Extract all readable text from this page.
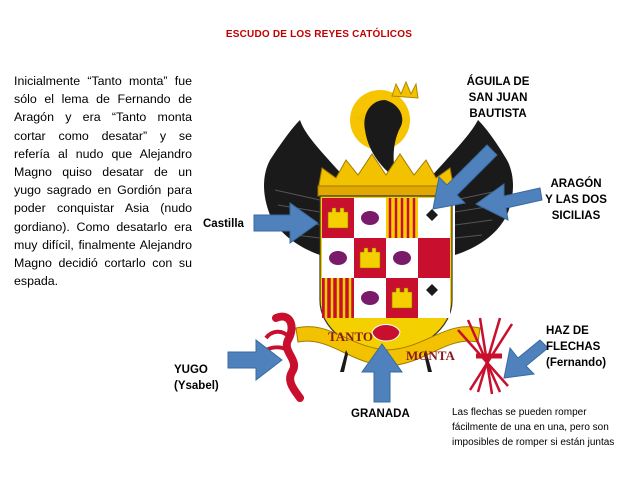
ESCUDO DE LOS REYES CATÓLICOS
Inicialmente “Tanto monta” fue sólo el lema de Fernando de Aragón y era “Tanto monta cortar como desatar” y se refería al nudo que Alejandro Magno quiso desatar de un yugo sagrado en Gordión para poder conquistar Asia (nudo gordiano). Como desatarlo era muy difícil, finalmente Alejandro Magno decidió cortarlo con su espada.
TANTO
MONTA
ÁGUILA DE
SAN JUAN
BAUTISTA
ARAGÓN
Y LAS DOS
SICILIAS
Castilla
HAZ DE
FLECHAS
(Fernando)
YUGO
(Ysabel)
GRANADA	Las flechas se pueden romper fácilmente de una en una, pero son imposibles de romper si están juntas
